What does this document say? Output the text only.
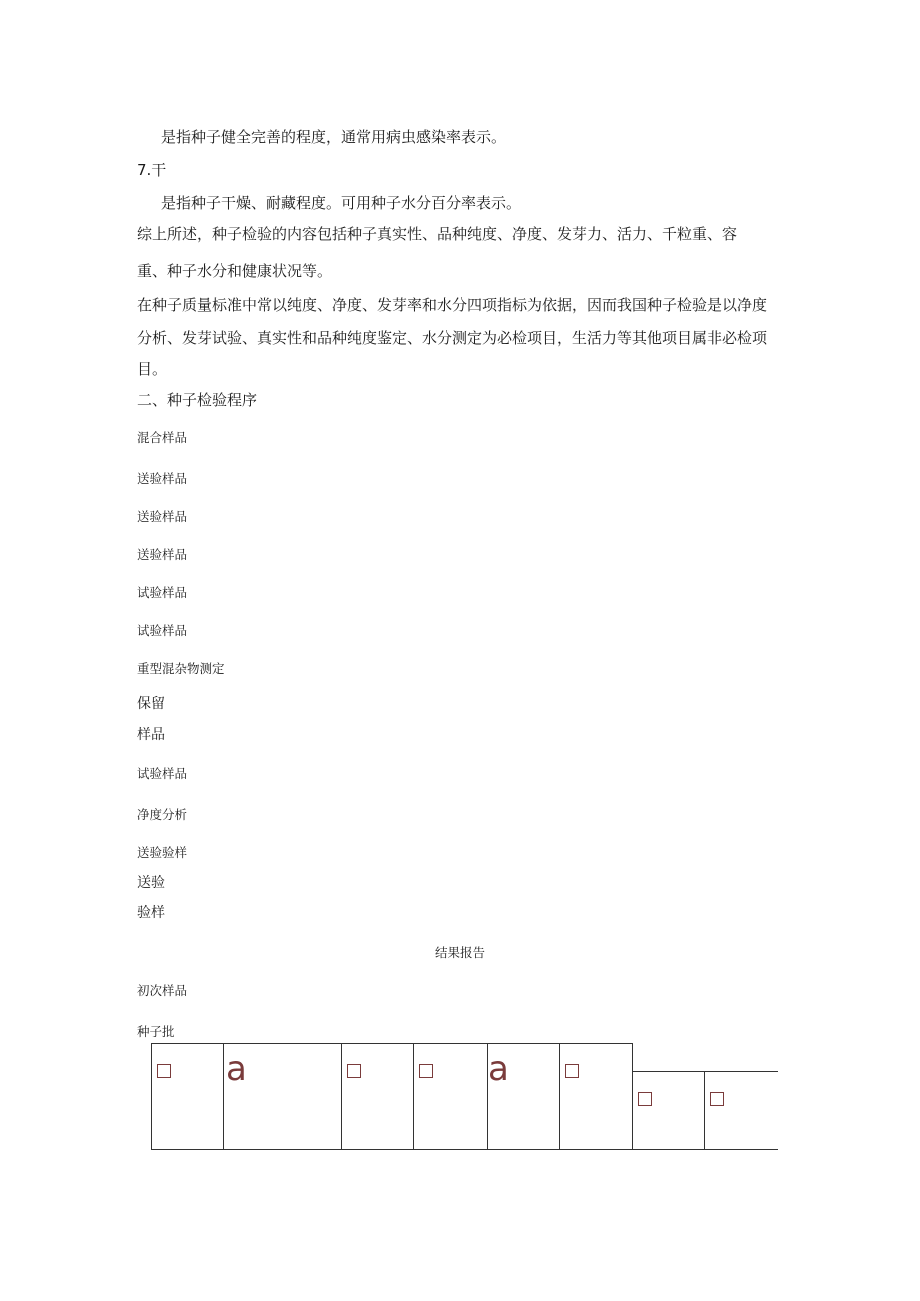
是指种子健全完善的程度，通常用病虫感染率表示。
7.干
是指种子干燥、耐藏程度。可用种子水分百分率表示。
综上所述，种子检验的内容包括种子真实性、品种纯度、净度、发芽力、活力、千粒重、容
重、种子水分和健康状况等。
在种子质量标准中常以纯度、净度、发芽率和水分四项指标为依据，因而我国种子检验是以净度
分析、发芽试验、真实性和品种纯度鉴定、水分测定为必检项目，生活力等其他项目属非必检项
目。
二、种子检验程序
混合样品
送验样品
送验样品
送验样品
试验样品
试验样品
重型混杂物测定
保留
样品
试验样品
净度分析
送验验样
送验
验样
结果报告
初次样品
种子批
a	a
